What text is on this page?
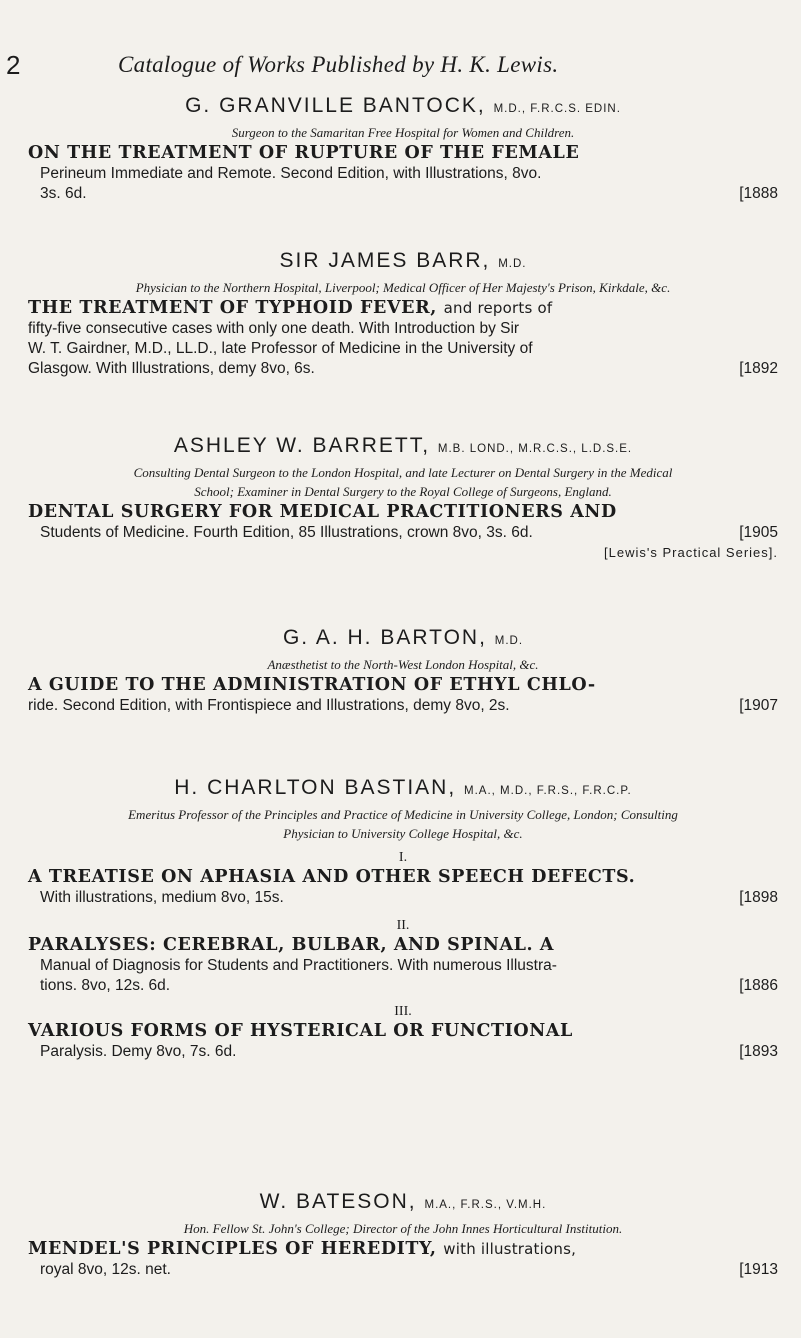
2	Catalogue of Works Published by H. K. Lewis.
G. GRANVILLE BANTOCK, M.D., F.R.C.S. EDIN.
Surgeon to the Samaritan Free Hospital for Women and Children.
ON THE TREATMENT OF RUPTURE OF THE FEMALE
Perineum Immediate and Remote. Second Edition, with Illustrations, 8vo.
3s. 6d.	[1888
SIR JAMES BARR, M.D.
Physician to the Northern Hospital, Liverpool; Medical Officer of Her Majesty's Prison, Kirkdale, &c.
THE TREATMENT OF TYPHOID FEVER, and reports of
fifty-five consecutive cases with only one death. With Introduction by Sir
W. T. Gairdner, M.D., LL.D., late Professor of Medicine in the University of
Glasgow. With Illustrations, demy 8vo, 6s.	[1892
ASHLEY W. BARRETT, M.B. LOND., M.R.C.S., L.D.S.E.
Consulting Dental Surgeon to the London Hospital, and late Lecturer on Dental Surgery in the Medical
School; Examiner in Dental Surgery to the Royal College of Surgeons, England.
DENTAL SURGERY FOR MEDICAL PRACTITIONERS AND
Students of Medicine. Fourth Edition, 85 Illustrations, crown 8vo, 3s. 6d.	[1905
[Lewis's Practical Series].
G. A. H. BARTON, M.D.
Anæsthetist to the North-West London Hospital, &c.
A GUIDE TO THE ADMINISTRATION OF ETHYL CHLO-
ride. Second Edition, with Frontispiece and Illustrations, demy 8vo, 2s.	[1907
H. CHARLTON BASTIAN, M.A., M.D., F.R.S., F.R.C.P.
Emeritus Professor of the Principles and Practice of Medicine in University College, London; Consulting
Physician to University College Hospital, &c.
I.
A TREATISE ON APHASIA AND OTHER SPEECH DEFECTS.
With illustrations, medium 8vo, 15s.	[1898
II.
PARALYSES: CEREBRAL, BULBAR, AND SPINAL. A
Manual of Diagnosis for Students and Practitioners. With numerous Illustra-
tions. 8vo, 12s. 6d.	[1886
III.
VARIOUS FORMS OF HYSTERICAL OR FUNCTIONAL
Paralysis. Demy 8vo, 7s. 6d.	[1893
W. BATESON, M.A., F.R.S., V.M.H.
Hon. Fellow St. John's College; Director of the John Innes Horticultural Institution.
MENDEL'S PRINCIPLES OF HEREDITY, with illustrations,
royal 8vo, 12s. net.	[1913
